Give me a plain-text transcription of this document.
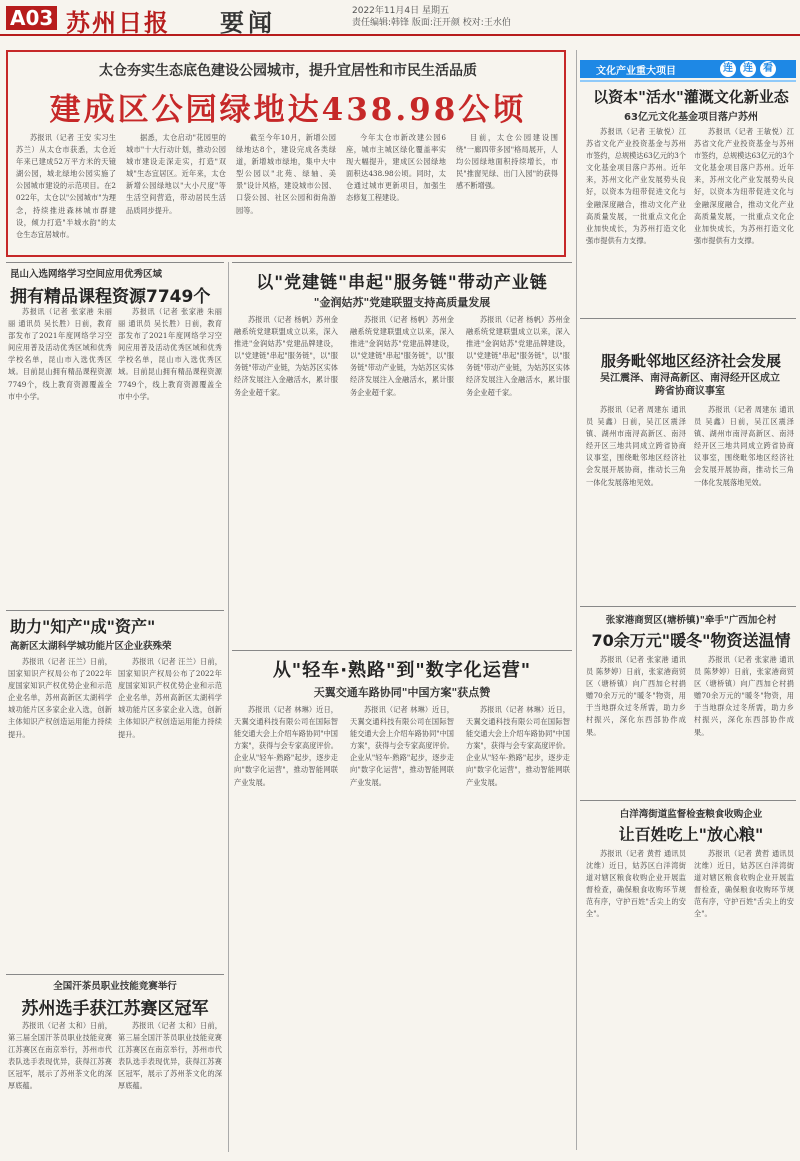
A03 苏州日报 要闻	2022年11月4日 星期五
责任编辑:韩锋 版面:汪开颜 校对:王水伯
太仓夯实生态底色建设公园城市，提升宜居性和市民生活品质
建成区公园绿地达438.98公顷
苏报讯（记者 王安 实习生 苏兰）从太仓市获悉，太仓近年来已建成52万平方米的天镜湖公园，城北绿地公园实施了公园城市建设的示范项目。在2022年，太仓以"公园城市"为理念，持续推进森林城市群建设，倾力打造"半城水韵"的太仓生态宜居城市。
据悉，太仓启动"花园里的城市"十大行动计划，推动公园城市建设走深走实，打造"双城"生态宜居区。近年来，太仓新增公园绿地以"大小尺度"等生活空间营造，带动居民生活品质同步提升。
截至今年10月，新增公园绿地达8个，建设完成各类绿道，新增城市绿地，集中大中型公园以"北苑、绿轴、美景"设计风格，建设城市公园、口袋公园、社区公园和街角游园等。
今年太仓市新改建公园6座，城市主城区绿化覆盖率实现大幅提升，建成区公园绿地面积达438.98公顷。同时，太仓通过城市更新项目，加强生态修复工程建设。
目前，太仓公园建设围绕"一廊四带多园"格局展开，人均公园绿地面积持续增长，市民"推窗见绿、出门入园"的获得感不断增强。
文化产业重大项目	连	连	看
以资本"活水"灌溉文化新业态
63亿元文化基金项目落户苏州
苏报讯（记者 王敏悦）江苏省文化产业投资基金与苏州市签约，总规模达63亿元的3个文化基金项目落户苏州。近年来，苏州文化产业发展势头良好，以资本为纽带促进文化与金融深度融合，推动文化产业高质量发展，一批重点文化企业加快成长，为苏州打造文化强市提供有力支撑。
苏报讯（记者 王敏悦）江苏省文化产业投资基金与苏州市签约，总规模达63亿元的3个文化基金项目落户苏州。近年来，苏州文化产业发展势头良好，以资本为纽带促进文化与金融深度融合，推动文化产业高质量发展，一批重点文化企业加快成长，为苏州打造文化强市提供有力支撑。
服务毗邻地区经济社会发展
吴江震泽、南浔高新区、南浔经开区成立跨省协商议事室
苏报讯（记者 周建东 通讯员 吴鑫）日前，吴江区震泽镇、湖州市南浔高新区、南浔经开区三地共同成立跨省协商议事室，围绕毗邻地区经济社会发展开展协商，推动长三角一体化发展落地见效。
苏报讯（记者 周建东 通讯员 吴鑫）日前，吴江区震泽镇、湖州市南浔高新区、南浔经开区三地共同成立跨省协商议事室，围绕毗邻地区经济社会发展开展协商，推动长三角一体化发展落地见效。
张家港商贸区(塘桥镇)"牵手"广西加仑村
70余万元"暖冬"物资送温情
苏报讯（记者 张家港 通讯员 陈梦婷）日前，张家港商贸区（塘桥镇）向广西加仑村捐赠70余万元的"暖冬"物资，用于当地群众过冬所需，助力乡村振兴，深化东西部协作成果。
苏报讯（记者 张家港 通讯员 陈梦婷）日前，张家港商贸区（塘桥镇）向广西加仑村捐赠70余万元的"暖冬"物资，用于当地群众过冬所需，助力乡村振兴，深化东西部协作成果。
白洋湾街道监督检查粮食收购企业
让百姓吃上"放心粮"
苏报讯（记者 黄哲 通讯员 沈维）近日，姑苏区白洋湾街道对辖区粮食收购企业开展监督检查，确保粮食收购环节规范有序，守护百姓"舌尖上的安全"。
苏报讯（记者 黄哲 通讯员 沈维）近日，姑苏区白洋湾街道对辖区粮食收购企业开展监督检查，确保粮食收购环节规范有序，守护百姓"舌尖上的安全"。
昆山入选网络学习空间应用优秀区域
拥有精品课程资源7749个
苏报讯（记者 张家港 朱丽丽 通讯员 吴长胜）日前，教育部发布了2021年度网络学习空间应用普及活动优秀区域和优秀学校名单，昆山市入选优秀区域。目前昆山拥有精品课程资源7749个，线上教育资源覆盖全市中小学。
苏报讯（记者 张家港 朱丽丽 通讯员 吴长胜）日前，教育部发布了2021年度网络学习空间应用普及活动优秀区域和优秀学校名单，昆山市入选优秀区域。目前昆山拥有精品课程资源7749个，线上教育资源覆盖全市中小学。
助力"知产"成"资产"
高新区太湖科学城功能片区企业获殊荣
苏报讯（记者 汪兰）日前，国家知识产权局公布了2022年度国家知识产权优势企业和示范企业名单，苏州高新区太湖科学城功能片区多家企业入选，创新主体知识产权创造运用能力持续提升。
苏报讯（记者 汪兰）日前，国家知识产权局公布了2022年度国家知识产权优势企业和示范企业名单，苏州高新区太湖科学城功能片区多家企业入选，创新主体知识产权创造运用能力持续提升。
全国汗茶员职业技能竞赛举行
苏州选手获江苏赛区冠军
苏报讯（记者 太和）日前，第三届全国汗茶员职业技能竞赛江苏赛区在南京举行，苏州市代表队选手表现优异，获得江苏赛区冠军，展示了苏州茶文化的深厚底蕴。
苏报讯（记者 太和）日前，第三届全国汗茶员职业技能竞赛江苏赛区在南京举行，苏州市代表队选手表现优异，获得江苏赛区冠军，展示了苏州茶文化的深厚底蕴。
以"党建链"串起"服务链"带动产业链
"金润姑苏"党建联盟支持高质量发展
苏报讯（记者 杨帆）苏州金融系统党建联盟成立以来，深入推进"金润姑苏"党建品牌建设，以"党建链"串起"服务链"，以"服务链"带动产业链，为姑苏区实体经济发展注入金融活水，累计服务企业超千家。
苏报讯（记者 杨帆）苏州金融系统党建联盟成立以来，深入推进"金润姑苏"党建品牌建设，以"党建链"串起"服务链"，以"服务链"带动产业链，为姑苏区实体经济发展注入金融活水，累计服务企业超千家。
苏报讯（记者 杨帆）苏州金融系统党建联盟成立以来，深入推进"金润姑苏"党建品牌建设，以"党建链"串起"服务链"，以"服务链"带动产业链，为姑苏区实体经济发展注入金融活水，累计服务企业超千家。
从"轻车·熟路"到"数字化运营"
天翼交通车路协同"中国方案"获点赞
苏报讯（记者 林琳）近日，天翼交通科技有限公司在国际智能交通大会上介绍车路协同"中国方案"，获得与会专家高度评价。企业从"轻车·熟路"起步，逐步走向"数字化运营"，推动智能网联产业发展。
苏报讯（记者 林琳）近日，天翼交通科技有限公司在国际智能交通大会上介绍车路协同"中国方案"，获得与会专家高度评价。企业从"轻车·熟路"起步，逐步走向"数字化运营"，推动智能网联产业发展。
苏报讯（记者 林琳）近日，天翼交通科技有限公司在国际智能交通大会上介绍车路协同"中国方案"，获得与会专家高度评价。企业从"轻车·熟路"起步，逐步走向"数字化运营"，推动智能网联产业发展。
